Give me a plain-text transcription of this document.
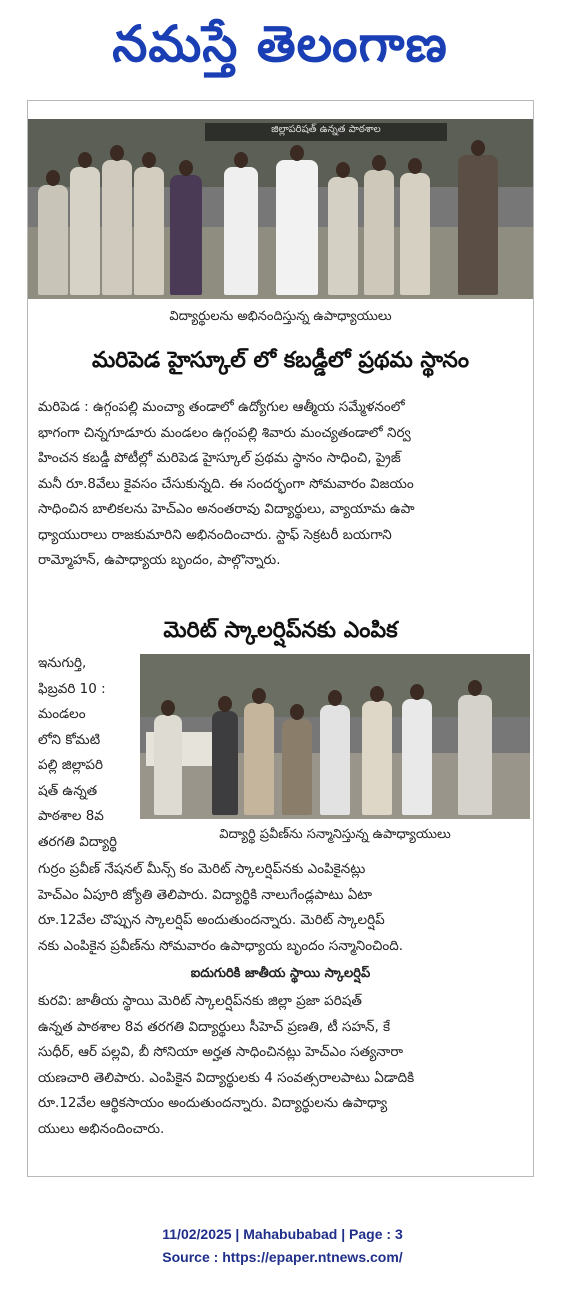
నమస్తే తెలంగాణ
జిల్లాపరిషత్ ఉన్నత పాఠశాల
విద్యార్థులను అభినందిస్తున్న ఉపాధ్యాయులు
మరిపెడ హైస్కూల్ లో కబడ్డీలో ప్రథమ స్థానం

మరిపెడ : ఉగ్గంపల్లి మంచ్యా తండాలో ఉద్యోగుల ఆత్మీయ సమ్మేళనంలో

భాగంగా చిన్నగూడూరు మండలం ఉగ్గంపల్లి శివారు మంచ్యతండాలో నిర్వ

హించన కబడ్డీ పోటీల్లో మరిపెడ హైస్కూల్ ప్రథమ స్థానం సాధించి, ప్రైజ్

మనీ రూ.8వేలు కైవసం చేసుకున్నది. ఈ సందర్భంగా సోమవారం విజయం

సాధించిన బాలికలను హెచ్ఎం అనంతరావు విద్యార్థులు, వ్యాయామ ఉపా

ధ్యాయురాలు రాజకుమారిని అభినందించారు. స్టాఫ్ సెక్రటరీ బయగాని

రామ్మోహన్, ఉపాధ్యాయ బృందం, పాల్గొన్నారు.

మెరిట్ స్కాలర్షిప్‌నకు ఎంపిక

ఇనుగుర్తి,

ఫిబ్రవరి 10 :

మండలం

లోని కోమటి

పల్లి జిల్లాపరి

షత్ ఉన్నత

పాఠశాల 8వ

తరగతి విద్యార్థి	విద్యార్థి ప్రవీణ్‌ను సన్మానిస్తున్న ఉపాధ్యాయులు

గుర్రం ప్రవీణ్ నేషనల్ మీన్స్ కం మెరిట్ స్కాలర్షిప్‌నకు ఎంపికైనట్లు

హెచ్ఎం ఏపూరి జ్యోతి తెలిపారు. విద్యార్థికి నాలుగేండ్లపాటు ఏటా

రూ.12వేల చొప్పున స్కాలర్షిప్ అందుతుందన్నారు. మెరిట్ స్కాలర్షిప్

నకు ఎంపికైన ప్రవీణ్‌ను సోమవారం ఉపాధ్యాయ బృందం సన్మానించింది.

ఐదుగురికి జాతీయ స్థాయి స్కాలర్షిప్

కురవి: జాతీయ స్థాయి మెరిట్ స్కాలర్షిప్‌నకు జిల్లా ప్రజా పరిషత్

ఉన్నత పాఠశాల 8వ తరగతి విద్యార్థులు సీహెచ్ ప్రణతి, టీ సహన్, కే

సుధీర్, ఆర్ పల్లవి, బీ సోనియా అర్హత సాధించినట్లు హెచ్ఎం సత్యనారా

యణచారి తెలిపారు. ఎంపికైన విద్యార్థులకు 4 సంవత్సరాలపాటు ఏడాదికి

రూ.12వేల ఆర్థికసాయం అందుతుందన్నారు. విద్యార్థులను ఉపాధ్యా

యులు అభినందించారు.

11/02/2025 | Mahabubabad | Page : 3
Source : https://epaper.ntnews.com/
